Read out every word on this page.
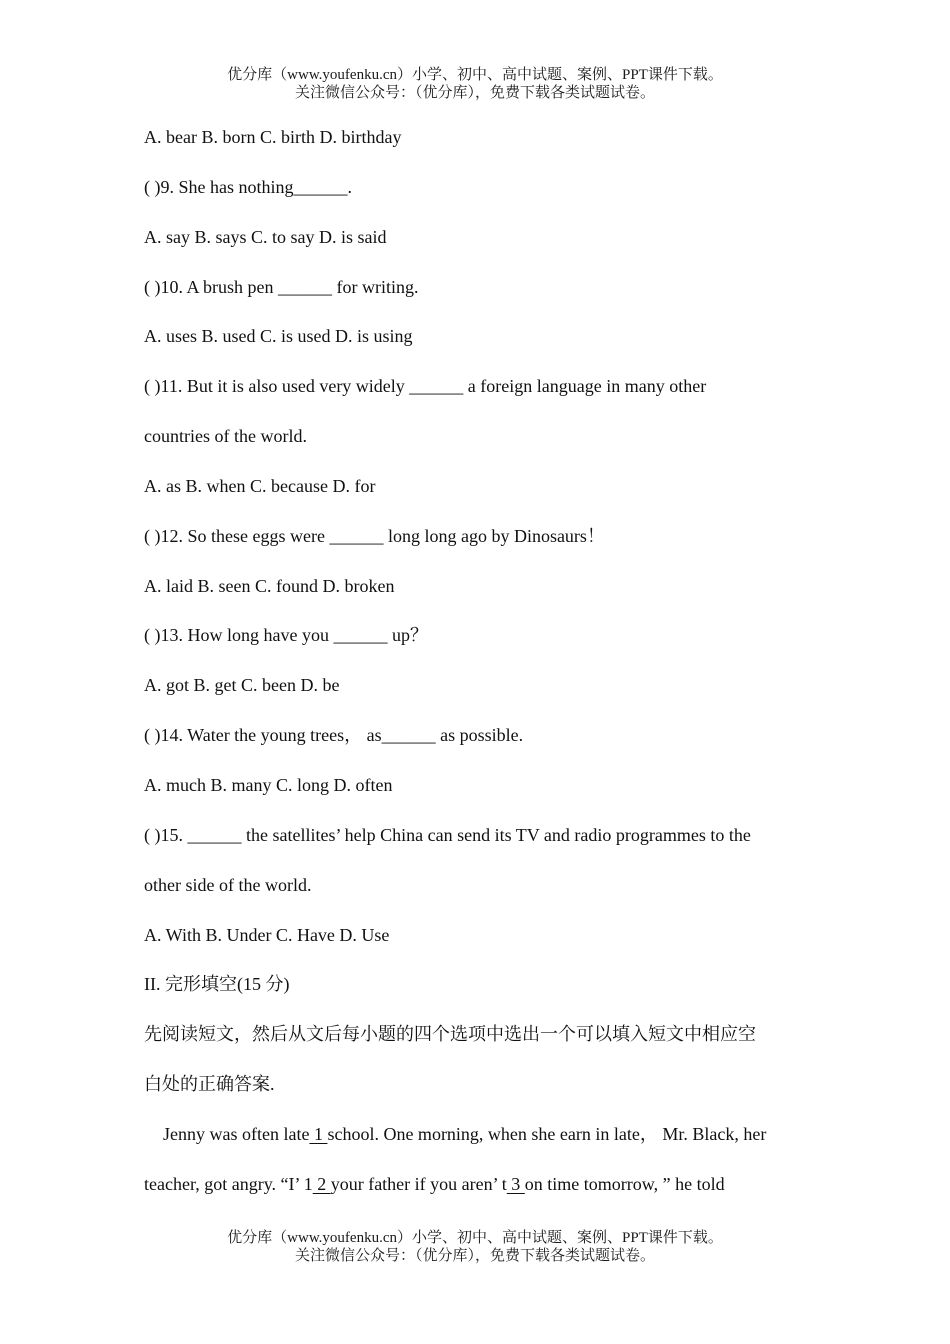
优分库（www.youfenku.cn）小学、初中、高中试题、案例、PPT课件下载。
关注微信公众号：（优分库），免费下载各类试题试卷。
A. bear B. born C. birth D. birthday
( )9. She has nothing______.
A. say B. says C. to say D. is said
( )10. A brush pen ______ for writing.
A. uses B. used C. is used D. is using
( )11. But it is also used very widely ______ a foreign language in many other
countries of the world.
A. as B. when C. because D. for
( )12. So these eggs were ______ long long ago by Dinosaurs！
A. laid B. seen C. found D. broken
( )13. How long have you ______ up？
A. got B. get C. been D. be
( )14. Water the young trees， as______ as possible.
A. much B. many C. long D. often
( )15. ______ the satellites’ help China can send its TV and radio programmes to the
other side of the world.
A. With B. Under C. Have D. Use
II. 完形填空(15 分)
先阅读短文，然后从文后每小题的四个选项中选出一个可以填入短文中相应空
白处的正确答案.
Jenny was often late 1 school. One morning, when she earn in late， Mr. Black, her
teacher, got angry. “I’ 1 2 your father if you aren’ t 3 on time tomorrow, ” he told
优分库（www.youfenku.cn）小学、初中、高中试题、案例、PPT课件下载。
关注微信公众号：（优分库），免费下载各类试题试卷。
